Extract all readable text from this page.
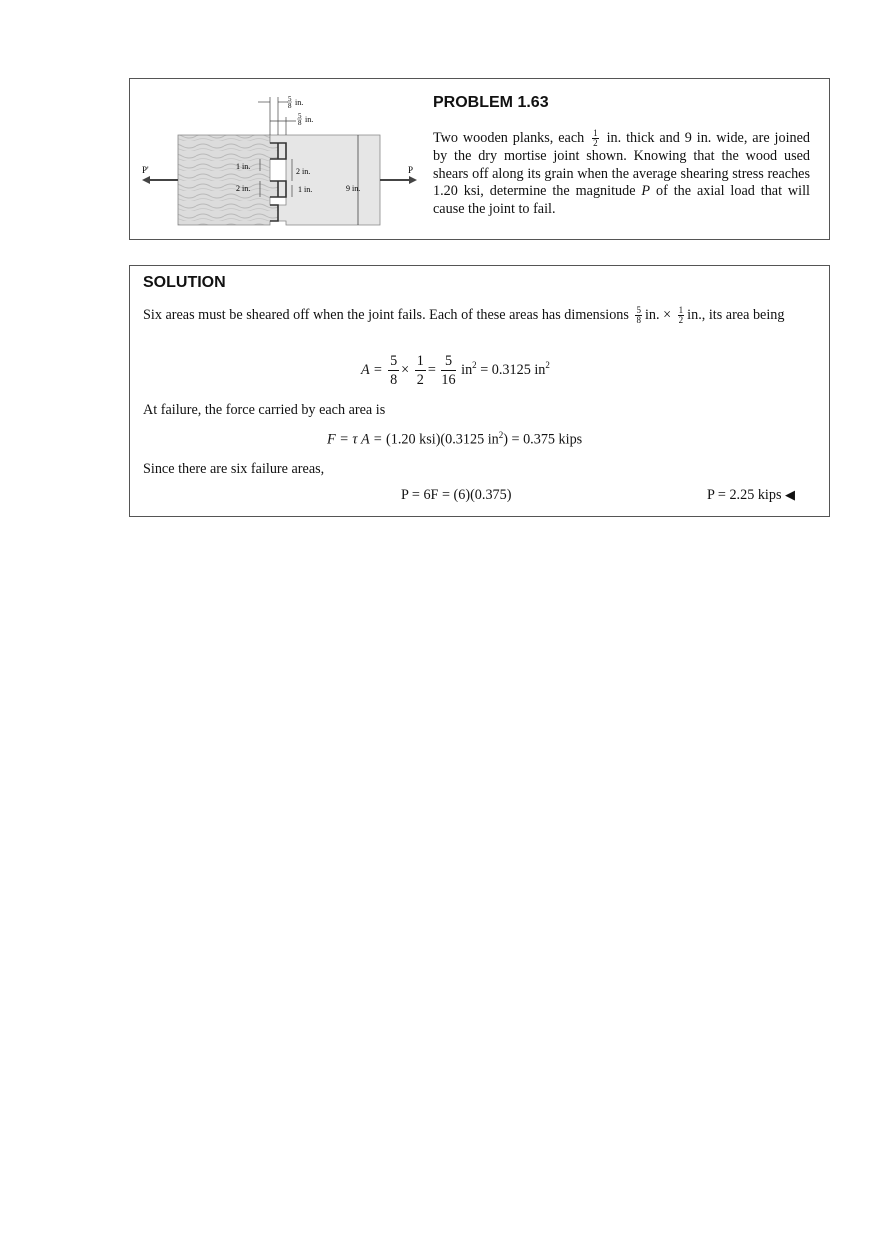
5
8 in.
5
8 in.
1 in.
2 in.
2 in.
1 in.	9 in.
P'	P
PROBLEM 1.63
Two wooden planks, each $\frac{1}{2}$ in. thick and 9 in. wide, are joined by the dry mortise joint shown. Knowing that the wood used shears off along its grain when the average shearing stress reaches 1.20 ksi, determine the magnitude P of the axial load that will cause the joint to fail.
SOLUTION
Six areas must be sheared off when the joint fails. Each of these areas has dimensions $\frac{5}{8}$ in. × $\frac{1}{2}$ in., its area being
$A = \frac{5}{8} \times \frac{1}{2} = \frac{5}{16} in^2 = 0.3125$ $in^2$
At failure, the force carried by each area is
F = τ A = (1.20 ksi)(0.3125 $in^2) = 0.375$ kips
Since there are six failure areas,
P = 6F = (6)(0.375)	P = 2.25 kips ◀
